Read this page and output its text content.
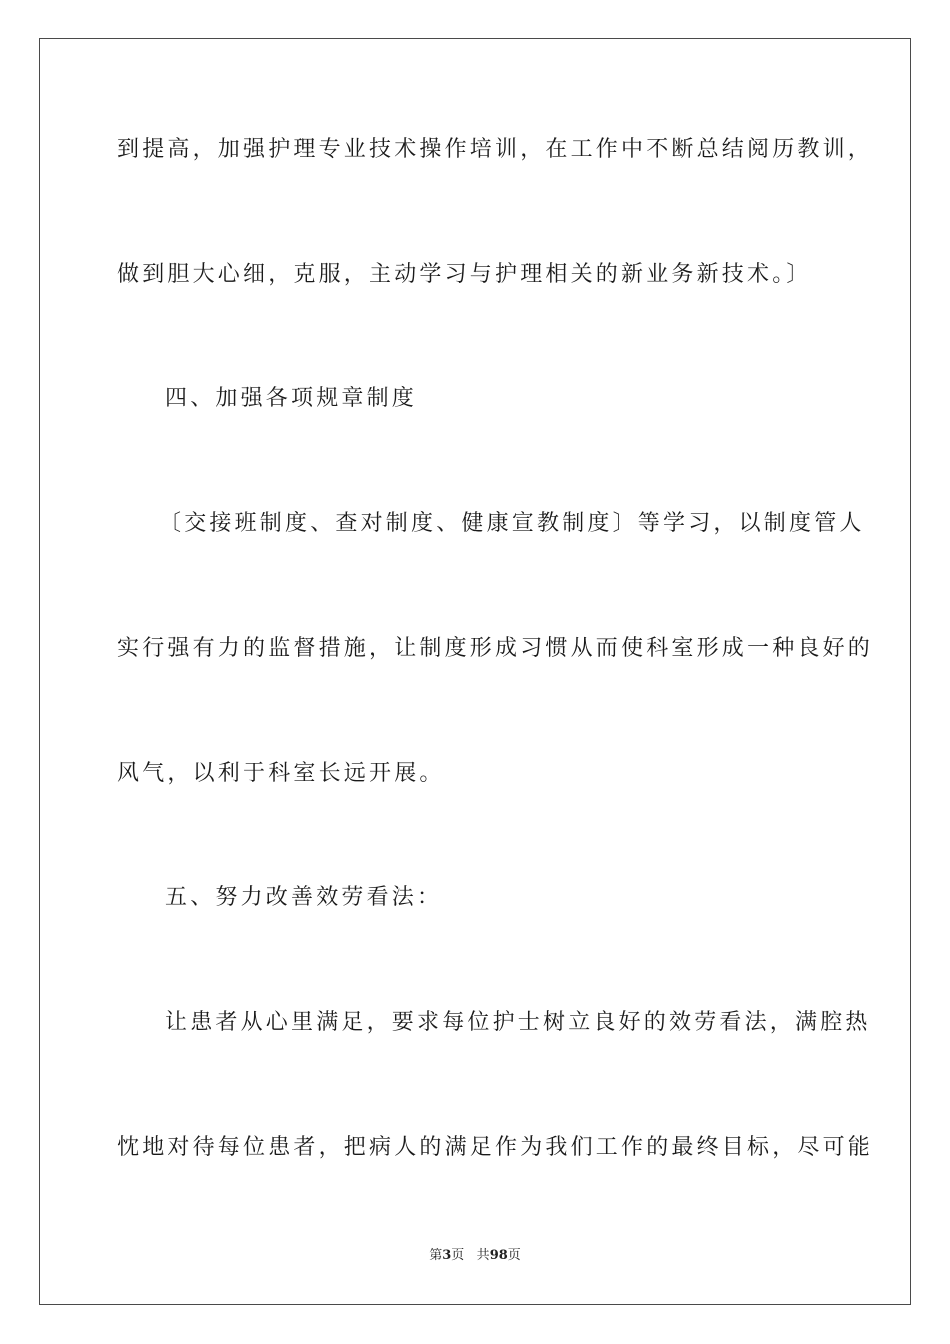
到提高，加强护理专业技术操作培训，在工作中不断总结阅历教训，
做到胆大心细，克服，主动学习与护理相关的新业务新技术。〕
四、加强各项规章制度
〔交接班制度、查对制度、健康宣教制度〕等学习，以制度管人
实行强有力的监督措施，让制度形成习惯从而使科室形成一种良好的
风气，以利于科室长远开展。
五、努力改善效劳看法：
让患者从心里满足，要求每位护士树立良好的效劳看法，满腔热
忱地对待每位患者，把病人的满足作为我们工作的最终目标，尽可能
第3页 共98页
